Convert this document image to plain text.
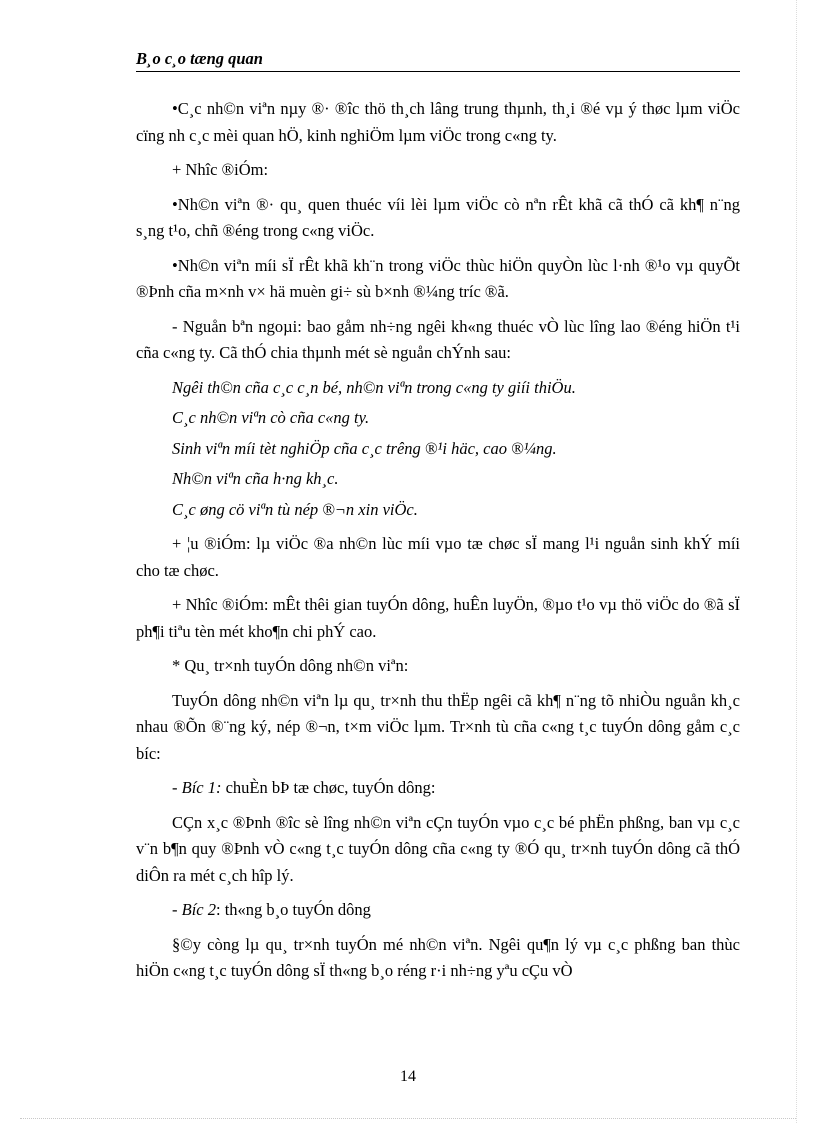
B¸o c¸o tæng quan

•C¸c nh©n viªn nµy ®· ®îc thö th¸ch lâng trung thµnh, th¸i ®é vµ ý thøc lµm viÖc cïng nh c¸c mèi quan hÖ, kinh nghiÖm lµm viÖc trong c«ng ty.

+ Nhîc ®iÓm:

•Nh©n viªn ®· qu¸ quen thuéc víi lèi lµm viÖc cò nªn rÊt khã cã thÓ cã kh¶ n¨ng s¸ng t¹o, chñ ®éng trong c«ng viÖc.

•Nh©n viªn míi sÏ rÊt khã kh¨n trong viÖc thùc hiÖn quyÒn lùc l·nh ®¹o vµ quyÕt ®Þnh cña m×nh v× hä muèn gi÷ sù b×nh ®¼ng tríc ®ã.

- Nguån bªn ngoµi: bao gåm nh÷ng ngêi kh«ng thuéc vÒ lùc lîng lao ®éng hiÖn t¹i cña c«ng ty. Cã thÓ chia thµnh mét sè nguån chÝnh sau:

Ngêi th©n cña c¸c c¸n bé, nh©n viªn trong c«ng ty giíi thiÖu.

C¸c nh©n viªn cò cña c«ng ty.

Sinh viªn míi tèt nghiÖp cña c¸c trêng ®¹i häc, cao ®¼ng.

Nh©n viªn cña h·ng kh¸c.

C¸c øng cö viªn tù nép ®¬n xin viÖc.

+ ¦u ®iÓm: lµ viÖc ®a nh©n lùc míi vµo tæ chøc sÏ mang l¹i nguån sinh khÝ míi cho tæ chøc.

+ Nhîc ®iÓm: mÊt thêi gian tuyÓn dông, huÊn luyÖn, ®µo t¹o vµ thö viÖc do ®ã sÏ ph¶i tiªu tèn mét kho¶n chi phÝ cao.

* Qu¸ tr×nh tuyÓn dông nh©n viªn:

TuyÓn dông nh©n viªn lµ qu¸ tr×nh thu thËp ngêi cã kh¶ n¨ng tõ nhiÒu nguån kh¸c nhau ®Õn ®¨ng ký, nép ®¬n, t×m viÖc lµm. Tr×nh tù cña c«ng t¸c tuyÓn dông gåm c¸c bíc:

- Bíc 1: chuÈn bÞ tæ chøc, tuyÓn dông:

CÇn x¸c ®Þnh ®îc sè lîng nh©n viªn cÇn tuyÓn vµo c¸c bé phËn phßng, ban vµ c¸c v¨n b¶n quy ®Þnh vÒ c«ng t¸c tuyÓn dông cña c«ng ty ®Ó qu¸ tr×nh tuyÓn dông cã thÓ diÔn ra mét c¸ch hîp lý.

- Bíc 2: th«ng b¸o tuyÓn dông

§©y còng lµ qu¸ tr×nh tuyÓn mé nh©n viªn. Ngêi qu¶n lý vµ c¸c phßng ban thùc hiÖn c«ng t¸c tuyÓn dông sÏ th«ng b¸o réng r·i nh÷ng yªu cÇu vÒ

14
